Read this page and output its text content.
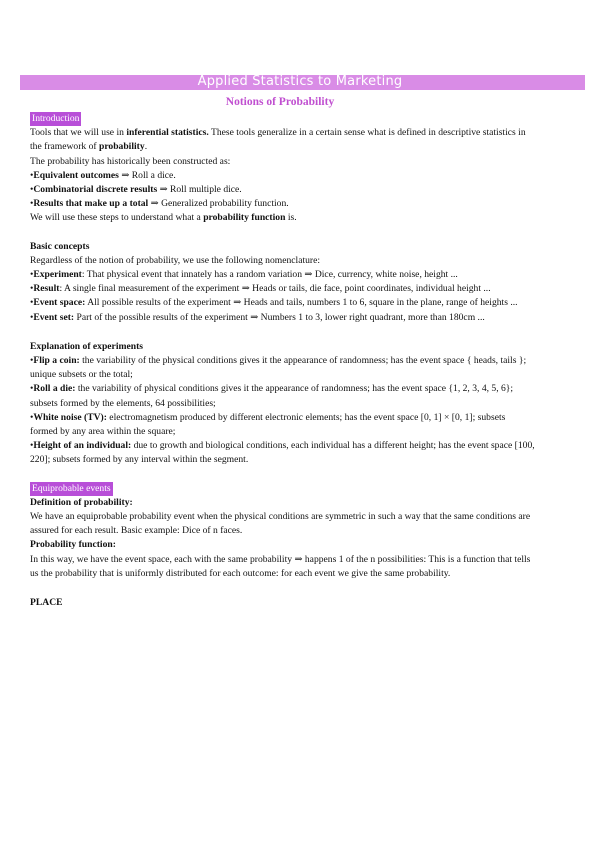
Applied Statistics to Marketing
Notions of Probability

Introduction

Tools that we will use in inferential statistics. These tools generalize in a certain sense what is defined in descriptive statistics in the framework of probability.

The probability has historically been constructed as:

•Equivalent outcomes ⇒ Roll a dice.

•Combinatorial discrete results ⇒ Roll multiple dice.

•Results that make up a total ⇒ Generalized probability function.

We will use these steps to understand what a probability function is.

Basic concepts

Regardless of the notion of probability, we use the following nomenclature:

•Experiment: That physical event that innately has a random variation ⇒ Dice, currency, white noise, height ...

•Result: A single final measurement of the experiment ⇒ Heads or tails, die face, point coordinates, individual height ...

•Event space: All possible results of the experiment ⇒ Heads and tails, numbers 1 to 6, square in the plane, range of heights ...

•Event set: Part of the possible results of the experiment ⇒ Numbers 1 to 3, lower right quadrant, more than 180cm ...

Explanation of experiments

•Flip a coin: the variability of the physical conditions gives it the appearance of randomness; has the event space { heads, tails }; unique subsets or the total;

•Roll a die: the variability of physical conditions gives it the appearance of randomness; has the event space {1, 2, 3, 4, 5, 6}; subsets formed by the elements, 64 possibilities;

•White noise (TV): electromagnetism produced by different electronic elements; has the event space [0, 1] × [0, 1]; subsets formed by any area within the square;

•Height of an individual: due to growth and biological conditions, each individual has a different height; has the event space [100, 220]; subsets formed by any interval within the segment.

Equiprobable events

Definition of probability:

We have an equiprobable probability event when the physical conditions are symmetric in such a way that the same conditions are assured for each result. Basic example: Dice of n faces.

Probability function:

In this way, we have the event space, each with the same probability ⇒ happens 1 of the n possibilities: This is a function that tells us the probability that is uniformly distributed for each outcome: for each event we give the same probability.

PLACE
